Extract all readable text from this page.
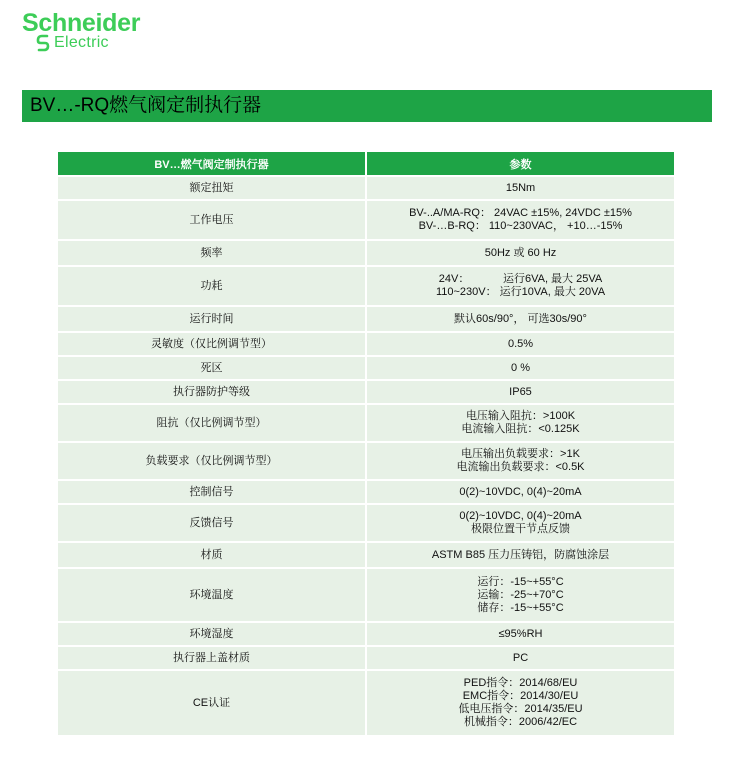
Schneider
Electric
BV…-RQ燃气阀定制执行器
BV…燃气阀定制执行器	参数
额定扭矩	15Nm

工作电压	BV-..A/MA-RQ： 24VAC ±15%, 24VDC ±15%
BV-…B-RQ： 110~230VAC， +10…-15%

频率	50Hz 或 60 Hz

功耗	24V：           运行6VA, 最大 25VA
110~230V： 运行10VA, 最大 20VA

运行时间	默认60s/90°， 可选30s/90°

灵敏度（仅比例调节型）	0.5%

死区	0 %

执行器防护等级	IP65

阻抗（仅比例调节型）	电压输入阻抗：>100K
电流输入阻抗：<0.125K

负载要求（仅比例调节型）	电压输出负载要求：>1K
电流输出负载要求：<0.5K

控制信号	0(2)~10VDC, 0(4)~20mA

反馈信号	0(2)~10VDC, 0(4)~20mA
极限位置干节点反馈

材质	ASTM B85 压力压铸铝，防腐蚀涂层

环境温度	运行：-15~+55°C
运输：-25~+70°C
储存：-15~+55°C

环境湿度	≤95%RH

执行器上盖材质	PC

CE认证	PED指令：2014/68/EU
EMC指令：2014/30/EU
低电压指令：2014/35/EU
机械指令：2006/42/EC
